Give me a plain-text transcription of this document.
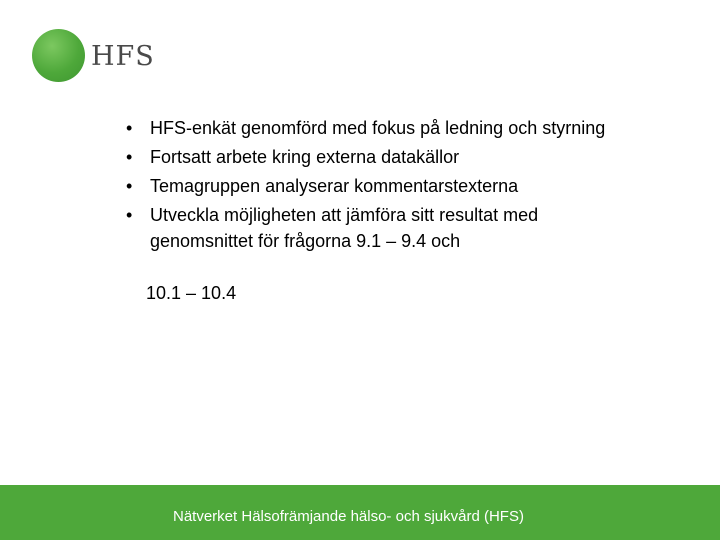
HFS
• HFS-enkät genomförd med fokus på ledning och styrning
• Fortsatt arbete kring externa datakällor
• Temagruppen analyserar kommentarstexterna
• Utveckla möjligheten att jämföra sitt resultat med genomsnittet för frågorna 9.1 – 9.4 och
10.1 – 10.4
Nätverket Hälsofrämjande hälso- och sjukvård (HFS)
